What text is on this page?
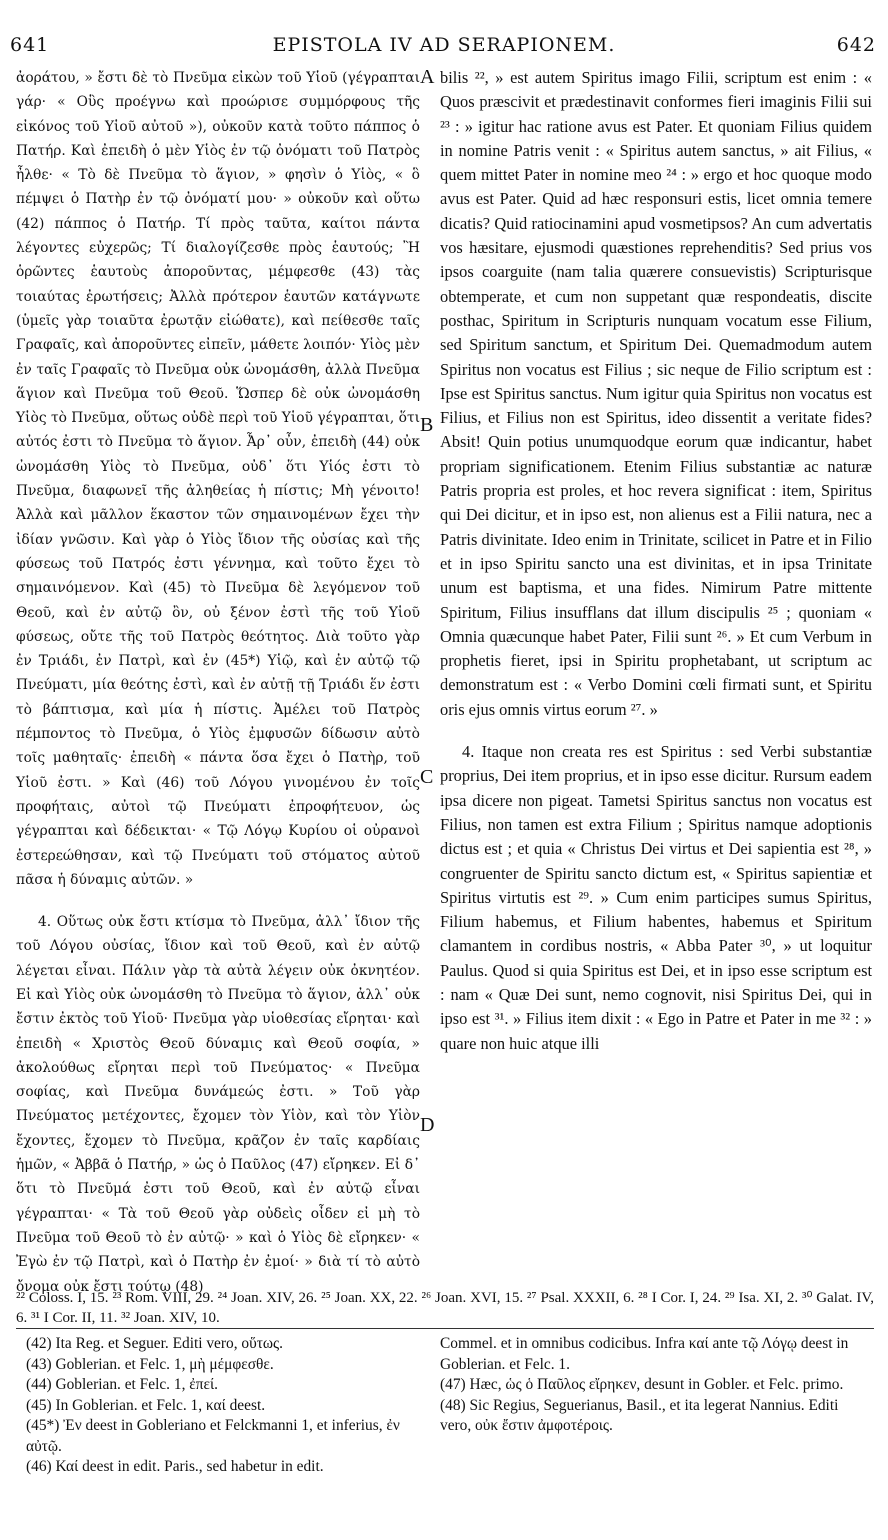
641	EPISTOLA IV AD SERAPIONEM.	642

ἀοράτου, » ἔστι δὲ τὸ Πνεῦμα εἰκὼν τοῦ Υἱοῦ (γέγραπται γάρ· « Οὓς προέγνω καὶ προώρισε συμμόρφους τῆς εἰκόνος τοῦ Υἱοῦ αὐτοῦ »), οὐκοῦν κατὰ τοῦτο πάππος ὁ Πατήρ. Καὶ ἐπειδὴ ὁ μὲν Υἱὸς ἐν τῷ ὀνόματι τοῦ Πατρὸς ἦλθε· « Τὸ δὲ Πνεῦμα τὸ ἅγιον, » φησὶν ὁ Υἱὸς, « ὃ πέμψει ὁ Πατὴρ ἐν τῷ ὀνόματί μου· » οὐκοῦν καὶ οὕτω (42) πάππος ὁ Πατήρ. Τί πρὸς ταῦτα, καίτοι πάντα λέγοντες εὐχερῶς; Τί διαλογίζεσθε πρὸς ἑαυτούς; Ἢ ὁρῶντες ἑαυτοὺς ἀποροῦντας, μέμφεσθε (43) τὰς τοιαύτας ἐρωτήσεις; Ἀλλὰ πρότερον ἑαυτῶν κατάγνωτε (ὑμεῖς γὰρ τοιαῦτα ἐρωτᾷν εἰώθατε), καὶ πείθεσθε ταῖς Γραφαῖς, καὶ ἀποροῦντες εἰπεῖν, μάθετε λοιπόν· Υἱὸς μὲν ἐν ταῖς Γραφαῖς τὸ Πνεῦμα οὐκ ὠνομάσθη, ἀλλὰ Πνεῦμα ἅγιον καὶ Πνεῦμα τοῦ Θεοῦ. Ὥσπερ δὲ οὐκ ὠνομάσθη Υἱὸς τὸ Πνεῦμα, οὕτως οὐδὲ περὶ τοῦ Υἱοῦ γέγραπται, ὅτι αὐτός ἐστι τὸ Πνεῦμα τὸ ἅγιον. Ἆρ᾽ οὖν, ἐπειδὴ (44) οὐκ ὠνομάσθη Υἱὸς τὸ Πνεῦμα, οὐδ᾽ ὅτι Υἱός ἐστι τὸ Πνεῦμα, διαφωνεῖ τῆς ἀληθείας ἡ πίστις; Μὴ γένοιτο! Ἀλλὰ καὶ μᾶλλον ἕκαστον τῶν σημαινομένων ἔχει τὴν ἰδίαν γνῶσιν. Καὶ γὰρ ὁ Υἱὸς ἴδιον τῆς οὐσίας καὶ τῆς φύσεως τοῦ Πατρός ἐστι γέννημα, καὶ τοῦτο ἔχει τὸ σημαινόμενον. Καὶ (45) τὸ Πνεῦμα δὲ λεγόμενον τοῦ Θεοῦ, καὶ ἐν αὐτῷ ὂν, οὐ ξένον ἐστὶ τῆς τοῦ Υἱοῦ φύσεως, οὔτε τῆς τοῦ Πατρὸς θεότητος. Διὰ τοῦτο γὰρ ἐν Τριάδι, ἐν Πατρὶ, καὶ ἐν (45*) Υἱῷ, καὶ ἐν αὐτῷ τῷ Πνεύματι, μία θεότης ἐστὶ, καὶ ἐν αὐτῇ τῇ Τριάδι ἕν ἐστι τὸ βάπτισμα, καὶ μία ἡ πίστις. Ἀμέλει τοῦ Πατρὸς πέμποντος τὸ Πνεῦμα, ὁ Υἱὸς ἐμφυσῶν δίδωσιν αὐτὸ τοῖς μαθηταῖς· ἐπειδὴ « πάντα ὅσα ἔχει ὁ Πατὴρ, τοῦ Υἱοῦ ἐστι. » Καὶ (46) τοῦ Λόγου γινομένου ἐν τοῖς προφήταις, αὐτοὶ τῷ Πνεύματι ἐπροφήτευον, ὡς γέγραπται καὶ δέδεικται· « Τῷ Λόγῳ Κυρίου οἱ οὐρανοὶ ἐστερεώθησαν, καὶ τῷ Πνεύματι τοῦ στόματος αὐτοῦ πᾶσα ἡ δύναμις αὐτῶν. »

4. Οὕτως οὐκ ἔστι κτίσμα τὸ Πνεῦμα, ἀλλ᾽ ἴδιον τῆς τοῦ Λόγου οὐσίας, ἴδιον καὶ τοῦ Θεοῦ, καὶ ἐν αὐτῷ λέγεται εἶναι. Πάλιν γὰρ τὰ αὐτὰ λέγειν οὐκ ὀκνητέον. Εἰ καὶ Υἱὸς οὐκ ὠνομάσθη τὸ Πνεῦμα τὸ ἅγιον, ἀλλ᾽ οὐκ ἔστιν ἐκτὸς τοῦ Υἱοῦ· Πνεῦμα γὰρ υἱοθεσίας εἴρηται· καὶ ἐπειδὴ « Χριστὸς Θεοῦ δύναμις καὶ Θεοῦ σοφία, » ἀκολούθως εἴρηται περὶ τοῦ Πνεύματος· « Πνεῦμα σοφίας, καὶ Πνεῦμα δυνάμεώς ἐστι. » Τοῦ γὰρ Πνεύματος μετέχοντες, ἔχομεν τὸν Υἱὸν, καὶ τὸν Υἱὸν ἔχοντες, ἔχομεν τὸ Πνεῦμα, κρᾶζον ἐν ταῖς καρδίαις ἡμῶν, « Ἀββᾶ ὁ Πατήρ, » ὡς ὁ Παῦλος (47) εἴρηκεν. Εἰ δ᾽ ὅτι τὸ Πνεῦμά ἐστι τοῦ Θεοῦ, καὶ ἐν αὐτῷ εἶναι γέγραπται· « Τὰ τοῦ Θεοῦ γὰρ οὐδεὶς οἶδεν εἰ μὴ τὸ Πνεῦμα τοῦ Θεοῦ τὸ ἐν αὐτῷ· » καὶ ὁ Υἱὸς δὲ εἴρηκεν· « Ἐγὼ ἐν τῷ Πατρὶ, καὶ ὁ Πατὴρ ἐν ἐμοί· » διὰ τί τὸ αὐτὸ ὄνομα οὐκ ἔστι τούτῳ (48)

bilis ²², » est autem Spiritus imago Filii, scriptum est enim : « Quos præscivit et prædestinavit conformes fieri imaginis Filii sui ²³ : » igitur hac ratione avus est Pater. Et quoniam Filius quidem in nomine Patris venit : « Spiritus autem sanctus, » ait Filius, « quem mittet Pater in nomine meo ²⁴ : » ergo et hoc quoque modo avus est Pater. Quid ad hæc responsuri estis, licet omnia temere dicatis? Quid ratiocinamini apud vosmetipsos? An cum advertatis vos hæsitare, ejusmodi quæstiones reprehenditis? Sed prius vos ipsos coarguite (nam talia quærere consuevistis) Scripturisque obtemperate, et cum non suppetant quæ respondeatis, discite posthac, Spiritum in Scripturis nunquam vocatum esse Filium, sed Spiritum sanctum, et Spiritum Dei. Quemadmodum autem Spiritus non vocatus est Filius ; sic neque de Filio scriptum est : Ipse est Spiritus sanctus. Num igitur quia Spiritus non vocatus est Filius, et Filius non est Spiritus, ideo dissentit a veritate fides? Absit! Quin potius unumquodque eorum quæ indicantur, habet propriam significationem. Etenim Filius substantiæ ac naturæ Patris propria est proles, et hoc revera significat : item, Spiritus qui Dei dicitur, et in ipso est, non alienus est a Filii natura, nec a Patris divinitate. Ideo enim in Trinitate, scilicet in Patre et in Filio et in ipso Spiritu sancto una est divinitas, et in ipsa Trinitate unum est baptisma, et una fides. Nimirum Patre mittente Spiritum, Filius insufflans dat illum discipulis ²⁵ ; quoniam « Omnia quæcunque habet Pater, Filii sunt ²⁶. » Et cum Verbum in prophetis fieret, ipsi in Spiritu prophetabant, ut scriptum ac demonstratum est : « Verbo Domini cœli firmati sunt, et Spiritu oris ejus omnis virtus eorum ²⁷. »

4. Itaque non creata res est Spiritus : sed Verbi substantiæ proprius, Dei item proprius, et in ipso esse dicitur. Rursum eadem ipsa dicere non pigeat. Tametsi Spiritus sanctus non vocatus est Filius, non tamen est extra Filium ; Spiritus namque adoptionis dictus est ; et quia « Christus Dei virtus et Dei sapientia est ²⁸, » congruenter de Spiritu sancto dictum est, « Spiritus sapientiæ et Spiritus virtutis est ²⁹. » Cum enim participes sumus Spiritus, Filium habemus, et Filium habentes, habemus et Spiritum clamantem in cordibus nostris, « Abba Pater ³⁰, » ut loquitur Paulus. Quod si quia Spiritus est Dei, et in ipso esse scriptum est : nam « Quæ Dei sunt, nemo cognovit, nisi Spiritus Dei, qui in ipso est ³¹. » Filius item dixit : « Ego in Patre et Pater in me ³² : » quare non huic atque illi

A
B
C
D
²² Coloss. I, 15. ²³ Rom. VIII, 29. ²⁴ Joan. XIV, 26. ²⁵ Joan. XX, 22. ²⁶ Joan. XVI, 15. ²⁷ Psal. XXXII, 6. ²⁸ I Cor. I, 24. ²⁹ Isa. XI, 2. ³⁰ Galat. IV, 6. ³¹ I Cor. II, 11. ³² Joan. XIV, 10.
(42) Ita Reg. et Seguer. Editi vero, οὕτως.
(43) Goblerian. et Felc. 1, μὴ μέμφεσθε.
(44) Goblerian. et Felc. 1, ἐπεί.
(45) In Goblerian. et Felc. 1, καί deest.
(45*) Ἐν deest in Gobleriano et Felckmanni 1, et inferius, ἐν αὐτῷ.
(46) Καί deest in edit. Paris., sed habetur in edit.
Commel. et in omnibus codicibus. Infra καί ante τῷ Λόγῳ deest in Goblerian. et Felc. 1.
(47) Hæc, ὡς ὁ Παῦλος εἴρηκεν, desunt in Gobler. et Felc. primo.
(48) Sic Regius, Seguerianus, Basil., et ita legerat Nannius. Editi vero, οὐκ ἔστιν ἀμφοτέροις.
